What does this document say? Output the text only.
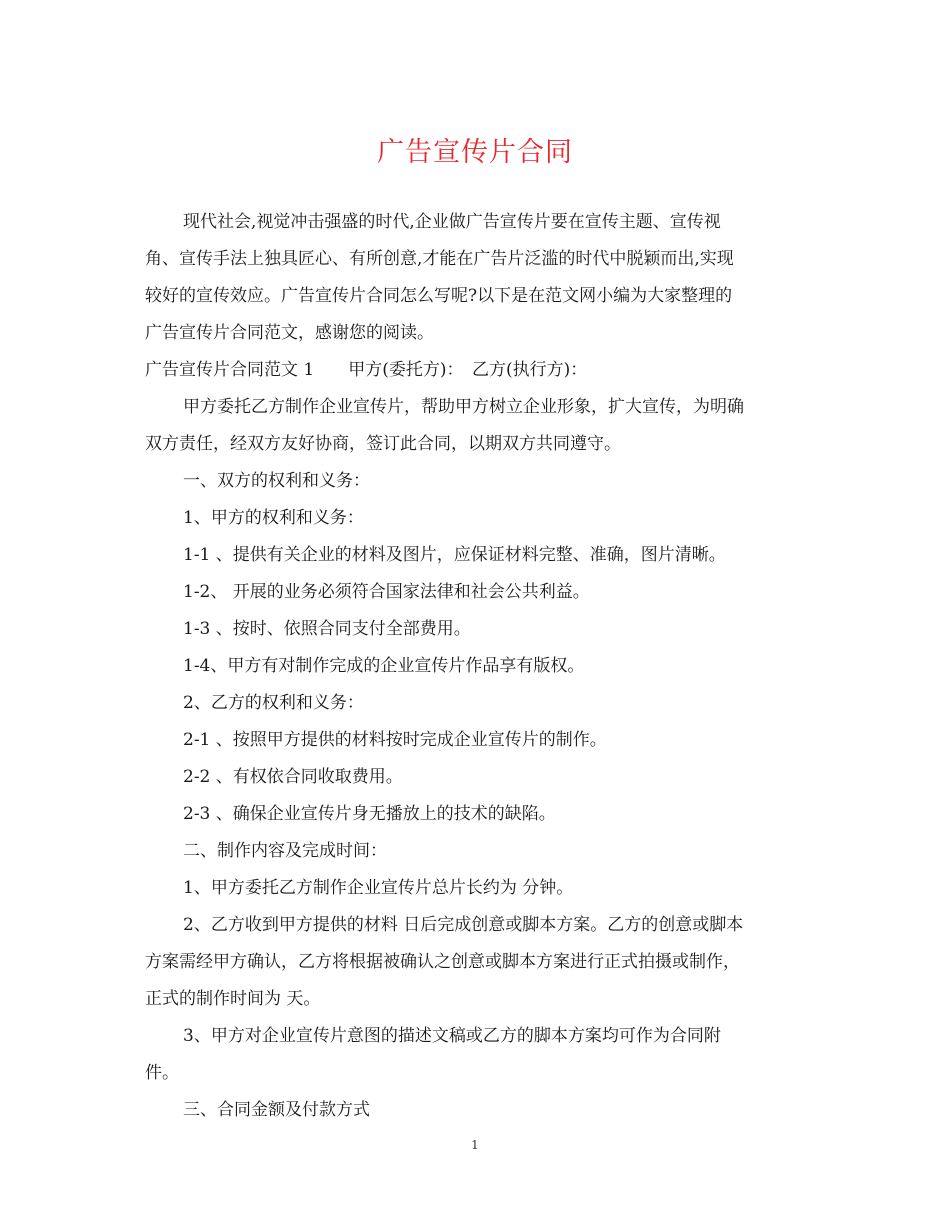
广告宣传片合同

现代社会,视觉冲击强盛的时代,企业做广告宣传片要在宣传主题、宣传视

角、宣传手法上独具匠心、有所创意,才能在广告片泛滥的时代中脱颖而出,实现

较好的宣传效应。广告宣传片合同怎么写呢?以下是在范文网小编为大家整理的

广告宣传片合同范文，感谢您的阅读。

广告宣传片合同范文 1　　甲方(委托方)：　乙方(执行方)：

甲方委托乙方制作企业宣传片，帮助甲方树立企业形象，扩大宣传，为明确

双方责任，经双方友好协商，签订此合同，以期双方共同遵守。

一、双方的权利和义务：

1、甲方的权利和义务：

1-1 、提供有关企业的材料及图片，应保证材料完整、准确，图片清晰。

1-2、 开展的业务必须符合国家法律和社会公共利益。

1-3 、按时、依照合同支付全部费用。

1-4、甲方有对制作完成的企业宣传片作品享有版权。

2、乙方的权利和义务：

2-1 、按照甲方提供的材料按时完成企业宣传片的制作。

2-2 、有权依合同收取费用。

2-3 、确保企业宣传片身无播放上的技术的缺陷。

二、制作内容及完成时间：

1、甲方委托乙方制作企业宣传片总片长约为 分钟。

2、乙方收到甲方提供的材料 日后完成创意或脚本方案。乙方的创意或脚本

方案需经甲方确认，乙方将根据被确认之创意或脚本方案进行正式拍摄或制作，

正式的制作时间为 天。

3、甲方对企业宣传片意图的描述文稿或乙方的脚本方案均可作为合同附

件。

三、合同金额及付款方式

1
